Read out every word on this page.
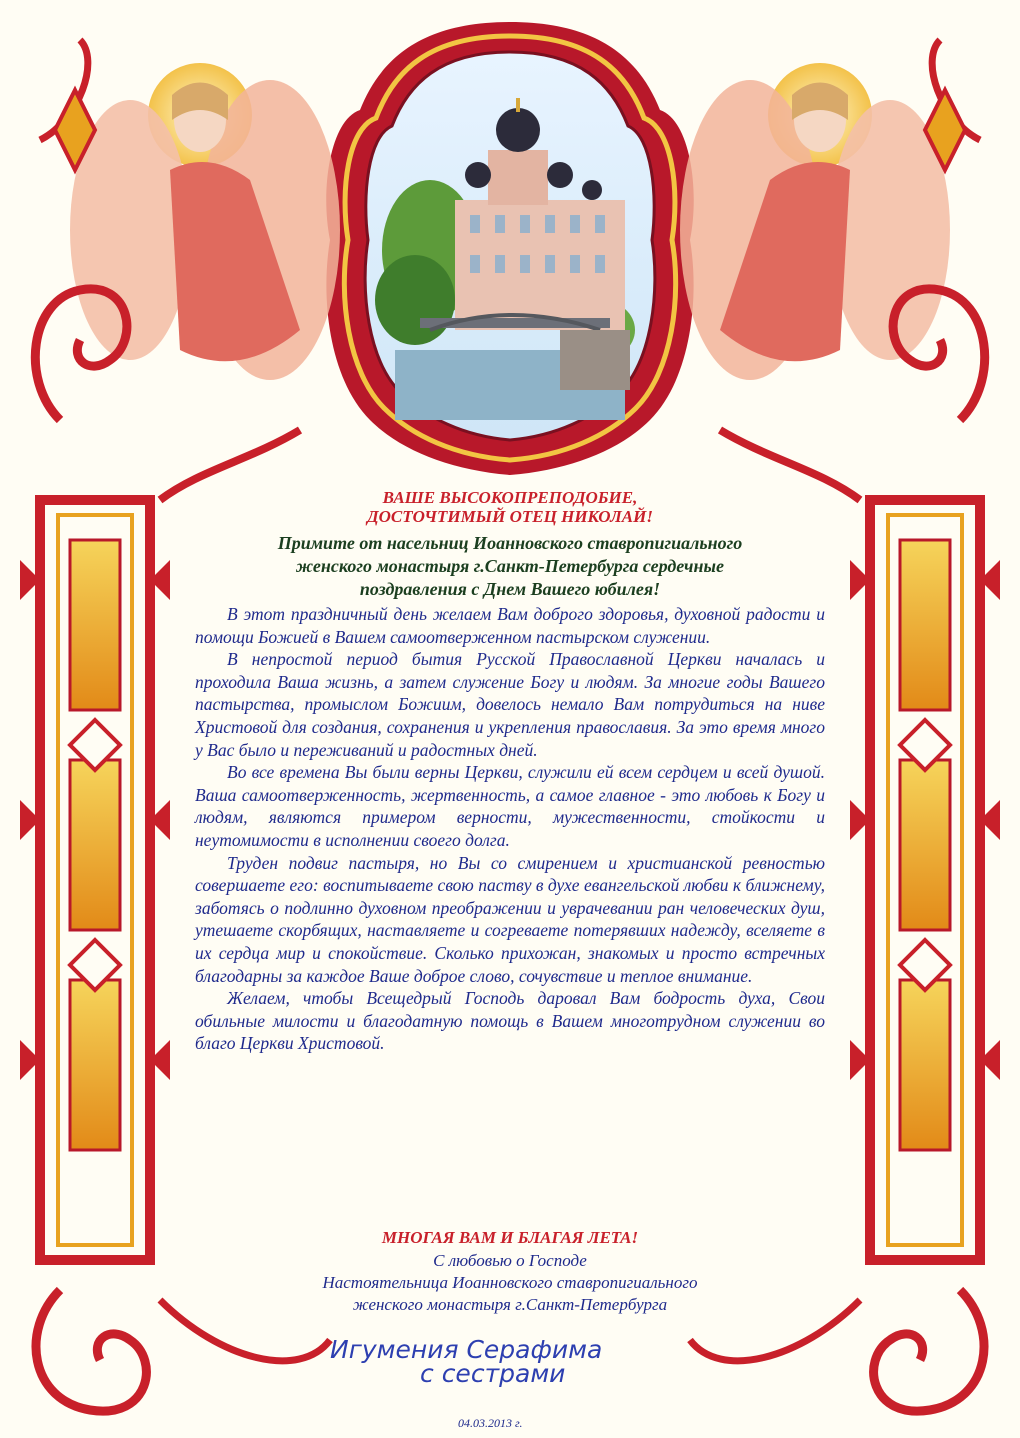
ВАШЕ ВЫСОКОПРЕПОДОБИЕ,
ДОСТОЧТИМЫЙ ОТЕЦ НИКОЛАЙ!
Примите от насельниц Иоанновского ставропигиального
женского монастыря г.Санкт-Петербурга сердечные
поздравления с Днем Вашего юбилея!

В этот праздничный день желаем Вам доброго здоровья, духовной радости и помощи Божией в Вашем самоотверженном пастырском служении.

В непростой период бытия Русской Православной Церкви началась и проходила Ваша жизнь, а затем служение Богу и людям. За многие годы Вашего пастырства, промыслом Божиим, довелось немало Вам потрудиться на ниве Христовой для создания, сохранения и укрепления православия. За это время много у Вас было и переживаний и радостных дней.

Во все времена Вы были верны Церкви, служили ей всем сердцем и всей душой. Ваша самоотверженность, жертвенность, а самое главное - это любовь к Богу и людям, являются примером верности, мужественности, стойкости и неутомимости в исполнении своего долга.

Труден подвиг пастыря, но Вы со смирением и христианской ревностью совершаете его: воспитываете свою паству в духе евангельской любви к ближнему, заботясь о подлинно духовном преображении и уврачевании ран человеческих душ, утешаете скорбящих, наставляете и согреваете потерявших надежду, вселяете в их сердца мир и спокойствие. Сколько прихожан, знакомых и просто встречных благодарны за каждое Ваше доброе слово, сочувствие и теплое внимание.

Желаем, чтобы Всещедрый Господь даровал Вам бодрость духа, Свои обильные милости и благодатную помощь в Вашем многотрудном служении во благо Церкви Христовой.

МНОГАЯ ВАМ И БЛАГАЯ ЛЕТА!
С любовью о Господе
Настоятельница Иоанновского ставропигиального
женского монастыря г.Санкт-Петербурга
Игумения Серафима
с сестрами
04.03.2013 г.
